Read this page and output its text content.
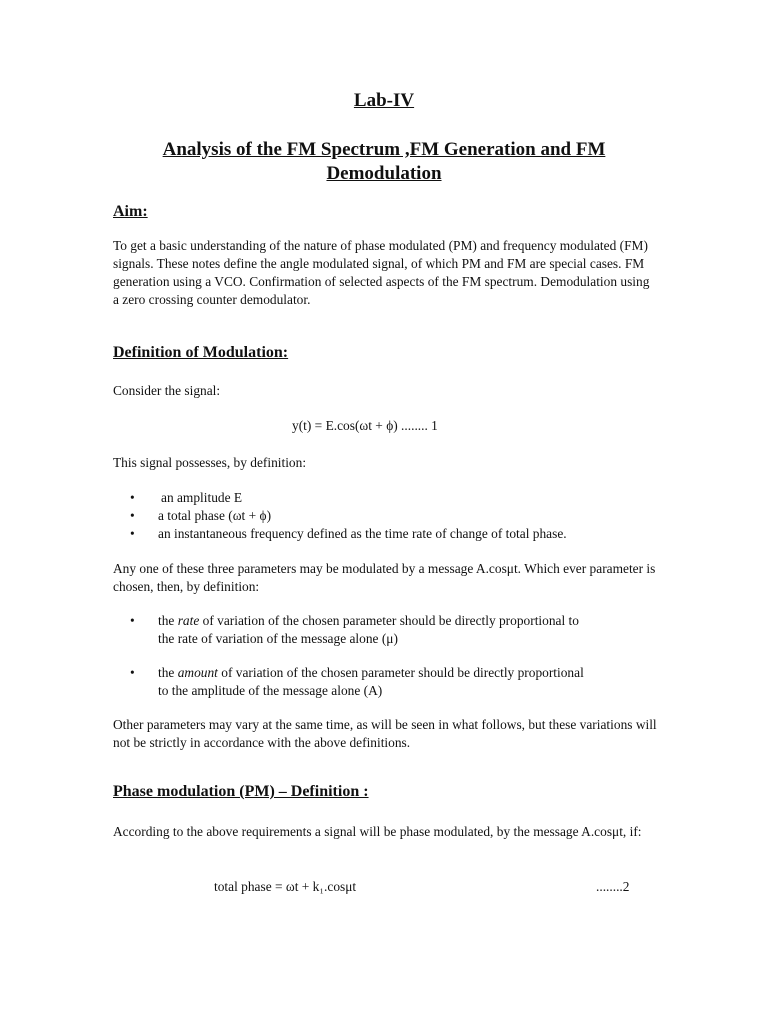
Lab-IV
Analysis of the FM Spectrum ,FM Generation and FM
Demodulation
Aim:
To get a basic understanding of the nature of phase modulated (PM) and frequency modulated (FM) signals. These notes define the angle modulated signal, of which PM and FM are special cases. FM generation using a VCO. Confirmation of selected aspects of the FM spectrum. Demodulation using a zero crossing counter demodulator.
Definition of Modulation:
Consider the signal:
y(t) = E.cos(ωt + ϕ) ........ 1
This signal possesses, by definition:
• an amplitude E
• a total phase (ωt + ϕ)
• an instantaneous frequency defined as the time rate of change of total phase.
Any one of these three parameters may be modulated by a message A.cosμt. Which ever parameter is chosen, then, by definition:
• the rate of variation of the chosen parameter should be directly proportional to
the rate of variation of the message alone (μ)
• the amount of variation of the chosen parameter should be directly proportional
to the amplitude of the message alone (A)
Other parameters may vary at the same time, as will be seen in what follows, but these variations will not be strictly in accordance with the above definitions.
Phase modulation (PM) – Definition :
According to the above requirements a signal will be phase modulated, by the message A.cosμt, if:
total phase = ωt + k₁.cosμt	........2
